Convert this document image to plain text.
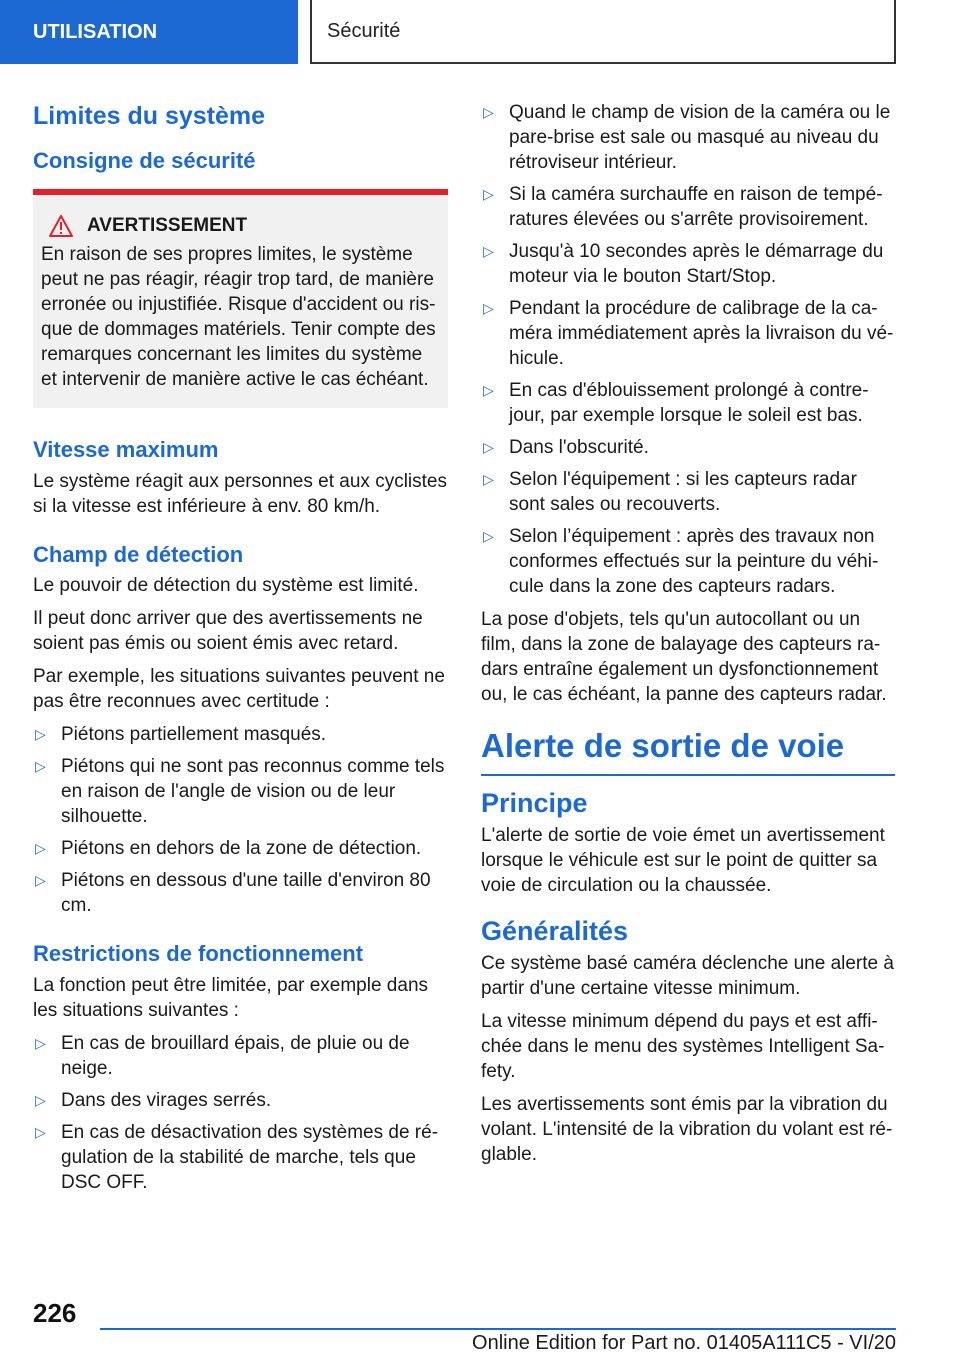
UTILISATION	Sécurité
Limites du système
Consigne de sécurité
AVERTISSEMENT
En raison de ses propres limites, le système peut ne pas réagir, réagir trop tard, de manière erronée ou injustifiée. Risque d'accident ou ris-que de dommages matériels. Tenir compte des remarques concernant les limites du système et intervenir de manière active le cas échéant.
Vitesse maximum

Le système réagit aux personnes et aux cyclistes si la vitesse est inférieure à env. 80 km/h.

Champ de détection

Le pouvoir de détection du système est limité.

Il peut donc arriver que des avertissements ne soient pas émis ou soient émis avec retard.

Par exemple, les situations suivantes peuvent ne pas être reconnues avec certitude :

▷ Piétons partiellement masqués.
▷ Piétons qui ne sont pas reconnus comme tels en raison de l'angle de vision ou de leur silhouette.
▷ Piétons en dehors de la zone de détection.
▷ Piétons en dessous d'une taille d'environ 80 cm.
Restrictions de fonctionnement

La fonction peut être limitée, par exemple dans les situations suivantes :

▷ En cas de brouillard épais, de pluie ou de neige.
▷ Dans des virages serrés.
▷ En cas de désactivation des systèmes de ré-gulation de la stabilité de marche, tels que DSC OFF.
▷ Quand le champ de vision de la caméra ou le pare-brise est sale ou masqué au niveau du rétroviseur intérieur.
▷ Si la caméra surchauffe en raison de tempé-ratures élevées ou s'arrête provisoirement.
▷ Jusqu'à 10 secondes après le démarrage du moteur via le bouton Start/Stop.
▷ Pendant la procédure de calibrage de la ca-méra immédiatement après la livraison du vé-hicule.
▷ En cas d'éblouissement prolongé à contre-jour, par exemple lorsque le soleil est bas.
▷ Dans l'obscurité.
▷ Selon l'équipement : si les capteurs radar sont sales ou recouverts.
▷ Selon l’équipement : après des travaux non conformes effectués sur la peinture du véhi-cule dans la zone des capteurs radars.

La pose d'objets, tels qu'un autocollant ou un film, dans la zone de balayage des capteurs ra-dars entraîne également un dysfonctionnement ou, le cas échéant, la panne des capteurs radar.

Alerte de sortie de voie
Principe

L'alerte de sortie de voie émet un avertissement lorsque le véhicule est sur le point de quitter sa voie de circulation ou la chaussée.

Généralités

Ce système basé caméra déclenche une alerte à partir d'une certaine vitesse minimum.

La vitesse minimum dépend du pays et est affi-chée dans le menu des systèmes Intelligent Sa-fety.

Les avertissements sont émis par la vibration du volant. L'intensité de la vibration du volant est ré-glable.

226
Online Edition for Part no. 01405A111C5 - VI/20
